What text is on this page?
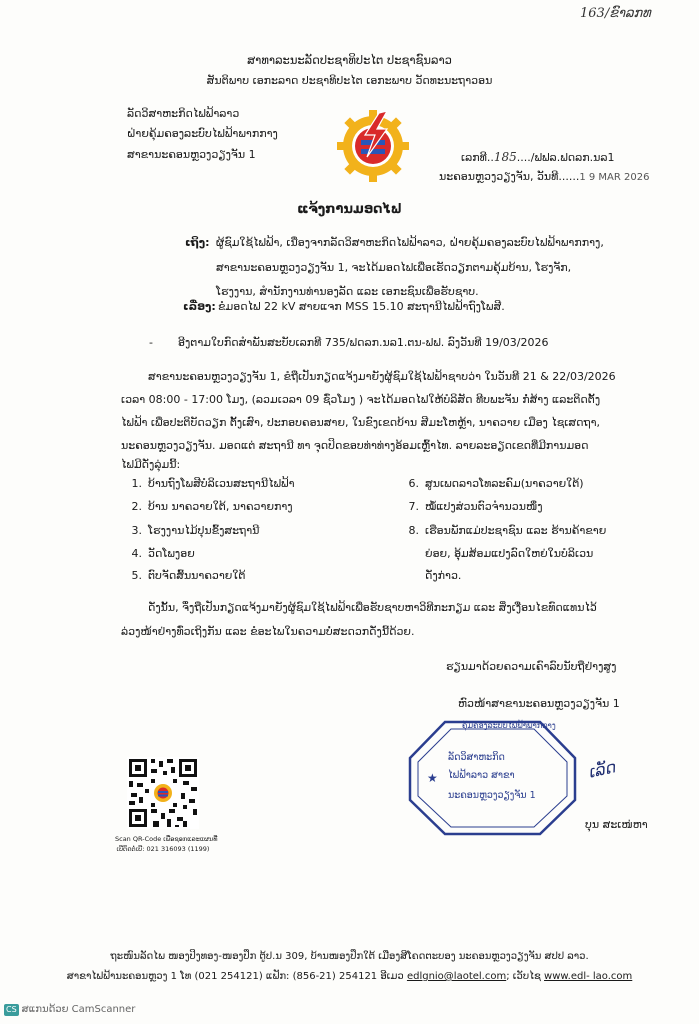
163/ຂົາລກທ
ສາທາລະນະລັດປະຊາທິປະໄຕ ປະຊາຊົນລາວ
ສັນຕິພາບ ເອກະລາດ ປະຊາທິປະໄຕ ເອກະພາບ ວັດທະນະຖາວອນ
ລັດວິສາຫະກິດໄຟຟ້າລາວ
ຝ່າຍຄຸ້ມຄອງລະບົບໄຟຟ້າພາກກາງ
ສາຂານະຄອນຫຼວງວຽງຈັນ 1	ເລກທີ..185..../ຟຟລ.ຟດລກ.ນລ1
ນະຄອນຫຼວງວຽງຈັນ, ວັນທີ......1 9 MAR 2026
ແຈ້ງການມອດໄຟ
ເຖິງ: ຜູ້ຊົມໃຊ້ໄຟຟ້າ, ເນື່ອງຈາກລັດວິສາຫະກິດໄຟຟ້າລາວ, ຝ່າຍຄຸ້ມຄອງລະບົບໄຟຟ້າພາກກາງ,
ສາຂານະຄອນຫຼວງວຽງຈັນ 1, ຈະໄດ້ມອດໄຟເພື່ອເຮັດວຽກຕາມຄຸ້ມບ້ານ, ໂຮງຈັກ,
ໂຮງງານ, ສຳນັກງານທ່ານອງລັດ ແລະ ເອກະຊົນເພື່ອຮັບຊາບ.
ເລື່ອງ: ຂໍມອດໄຟ 22 kV ສາຍແຈກ MSS 15.10 ສະຖານີໄຟຟ້າຖົງໂພສີ.
- ອີງຕາມໃບກົດສຳພັນສະບັບເລກທີ 735/ຟດລກ.ນລ1.ຕນ-ຟຟ. ລົງວັນທີ 19/03/2026
ສາຂານະຄອນຫຼວງວຽງຈັນ 1, ຂໍຖືເປັນກຽດແຈ້ງມາຍັງຜູ້ຊົມໃຊ້ໄຟຟ້າຊາບວ່າ ໃນວັນທີ 21 & 22/03/2026
ເວລາ 08:00 - 17:00 ໂມງ, (ລວມເວລາ 09 ຊົ່ວໂມງ ) ຈະໄດ້ມອດໄຟໃຫ້ບໍລິສັດ ທີບພະຈັນ ກໍ່ສ້າງ ແລະຕິດຕັ້ງ
ໄຟຟ້າ ເພື່ອປະຕິບັດວຽກ ຕັ້ງເສົາ, ປະກອບຄອນສາຍ, ໃນຂົງເຂດບ້ານ ສີມະໂຫຫຼ້າ, ນາຄວາຍ ເມືອງ ໄຊເສດຖາ,
ນະຄອນຫຼວງວຽງຈັນ. ມອດແຕ່ ສະຖານີ ທາ ຈຸດປິດຂອບທ່າທ່າງອ້ອມເຫຼົ້າໄທ. ລາຍລະອຽດເຂດທີ່ມີການມອດ
ໄຟມີດັ່ງລຸ່ມນີ້:
1. ບ້ານຖົງໂພສີບໍລິເວນສະຖານີໄຟຟ້າ
2. ບ້ານ ນາຄວາຍໃຕ້, ນາຄວາຍກາງ
3. ໂຮງງານໄມ້ປຸນຂົ້ງສະຖານີ
4. ວັດໂພງອຍ
5. ຕົບຈັດສົ້ນນາຄວາຍໃຕ້
6. ສູນເພດລາວໂທລະຄົມ(ນາຄວາຍໃຕ້)
7. ໝໍ້ແປງສ່ວນຕົວຈຳນວນໜຶ່ງ
8. ເຮືອນພັກແມ່ປະຊາຊົນ ແລະ ຮ້ານຄ້າຂາຍ
ຍ່ອຍ, ອຸ້ມສ້ອມແປງລົດໃຫຍ່ໃນບໍລິເວນ
ດັ່ງກ່າວ.
ດັ່ງນັ້ນ, ຈຶ່ງຖືເປັນກຽດແຈ້ງມາຍັງຜູ້ຊົມໃຊ້ໄຟຟ້າເພື່ອຮັບຊາບຫາວິທີກະກຽມ ແລະ ສິ່ງເງື່ອນໄຂທົດແທນໄວ້
ລ່ວງໜ້າຢ່າງທົ່ວເຖິງກັນ ແລະ ຂໍອະໄພໃນຄວາມບໍ່ສະດວກດັ່ງນີ້ດ້ວຍ.
ຮຽນມາດ້ວຍຄວາມເຄົາລົບນັບຖືຢ່າງສູງ
ຫົວໜ້າສາຂານະຄອນຫຼວງວຽງຈັນ 1
★
ຄຸ້ມຄອງລະບົບໄຟຟ້າພາກກາງ
ລັດວິສາຫະກິດ
ໄຟຟ້າລາວ ສາຂາ
ນະຄອນຫຼວງວຽງຈັນ 1
ເລັດ
ບຸນ ສະເໜ່ຫາ
Scan QR-Code ເພື່ອຊອກແລະແຜນທີ່
ເບີຕິດຕໍ່ເບີ: 021 316093 (1199)
ຖະໜົນລັດໄພ ໜອງປິງທອງ-ໜອງປຶກ ຕູ້ປ.ນ 309, ບ້ານໜອງປຶກໃຕ້ ເມືອງສີໂຄດຕະບອງ ນະຄອນຫຼວງວຽງຈັນ ສປປ ລາວ.
ສາຂາໄຟຟ້ານະຄອນຫຼວງ 1 ໂທ (021 254121) ແຟັກ: (856-21) 254121 ອີເມວ edlgnio@laotel.com; ເວັບໄຊ www.edl- lao.com
CS ສແກນດ້ວຍ CamScanner
